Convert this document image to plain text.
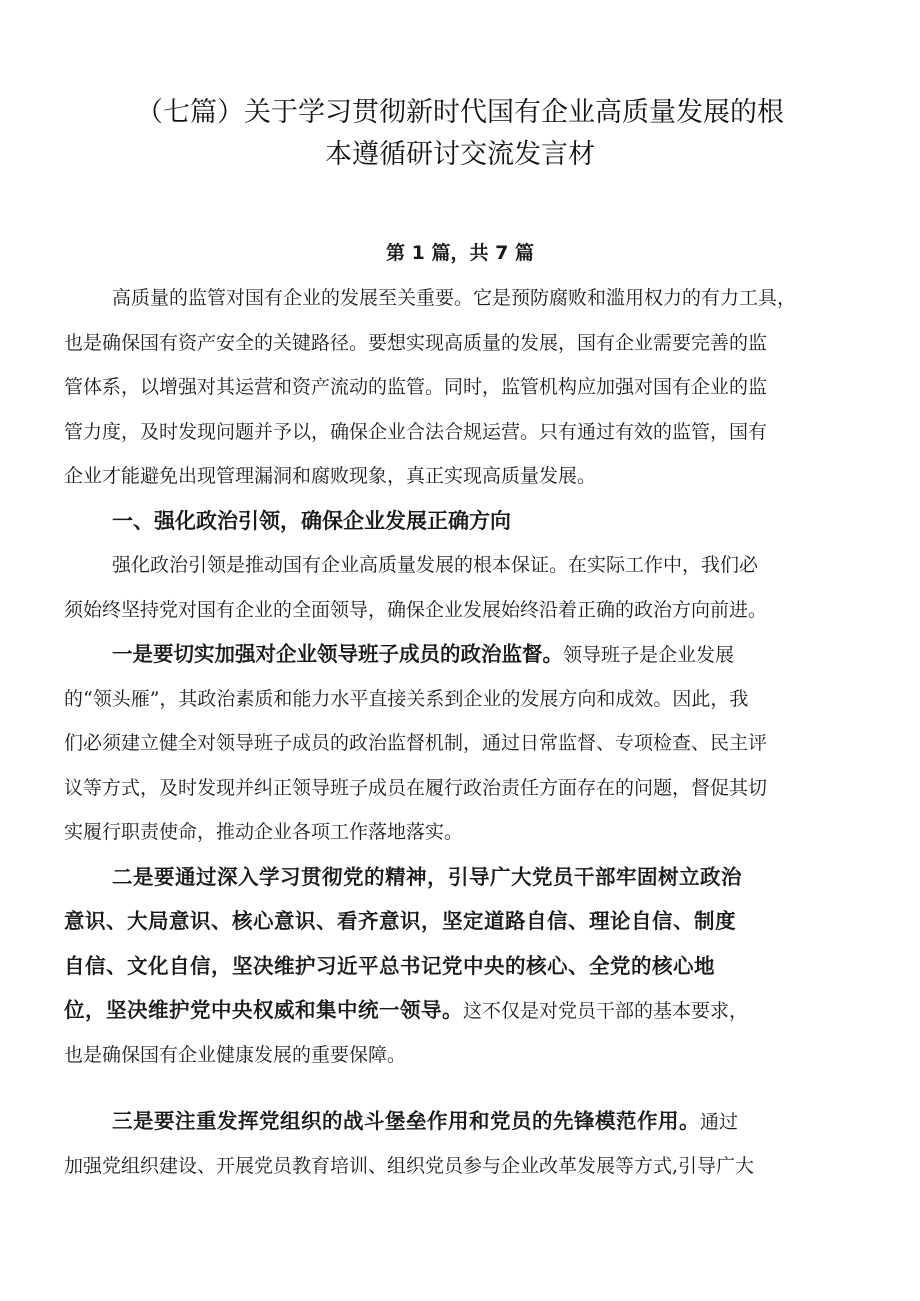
（七篇）关于学习贯彻新时代国有企业高质量发展的根
本遵循研讨交流发言材
第 1 篇，共 7 篇
高质量的监管对国有企业的发展至关重要。它是预防腐败和滥用权力的有力工具，
也是确保国有资产安全的关键路径。要想实现高质量的发展，国有企业需要完善的监
管体系，以增强对其运营和资产流动的监管。同时，监管机构应加强对国有企业的监
管力度，及时发现问题并予以，确保企业合法合规运营。只有通过有效的监管，国有
企业才能避免出现管理漏洞和腐败现象，真正实现高质量发展。
一、强化政治引领，确保企业发展正确方向
强化政治引领是推动国有企业高质量发展的根本保证。在实际工作中，我们必
须始终坚持党对国有企业的全面领导，确保企业发展始终沿着正确的政治方向前进。
一是要切实加强对企业领导班子成员的政治监督。领导班子是企业发展
的“领头雁”，其政治素质和能力水平直接关系到企业的发展方向和成效。因此，我
们必须建立健全对领导班子成员的政治监督机制，通过日常监督、专项检查、民主评
议等方式，及时发现并纠正领导班子成员在履行政治责任方面存在的问题，督促其切
实履行职责使命，推动企业各项工作落地落实。
二是要通过深入学习贯彻党的精神，引导广大党员干部牢固树立政治
意识、大局意识、核心意识、看齐意识，坚定道路自信、理论自信、制度
自信、文化自信，坚决维护习近平总书记党中央的核心、全党的核心地
位，坚决维护党中央权威和集中统一领导。这不仅是对党员干部的基本要求，
也是确保国有企业健康发展的重要保障。
三是要注重发挥党组织的战斗堡垒作用和党员的先锋模范作用。通过
加强党组织建设、开展党员教育培训、组织党员参与企业改革发展等方式,引导广大
